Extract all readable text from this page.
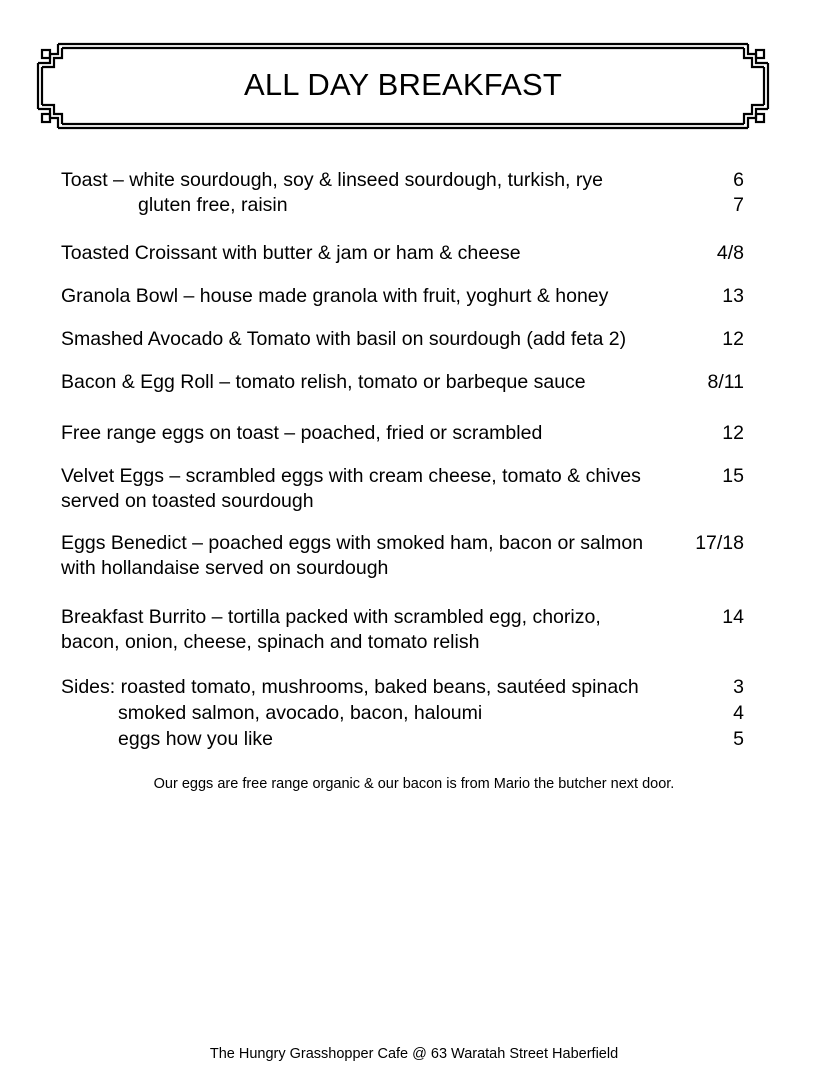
ALL DAY BREAKFAST
Toast – white sourdough, soy & linseed sourdough, turkish, rye	6
gluten free, raisin	7
Toasted Croissant with butter & jam or ham & cheese	4/8
Granola Bowl – house made granola with fruit, yoghurt & honey	13
Smashed Avocado & Tomato with basil on sourdough (add feta 2)	12
Bacon & Egg Roll – tomato relish, tomato or barbeque sauce	8/11
Free range eggs on toast – poached, fried or scrambled	12
Velvet Eggs – scrambled eggs with cream cheese, tomato & chives	15
served on toasted sourdough
Eggs Benedict – poached eggs with smoked ham, bacon or salmon	17/18
with hollandaise served on sourdough
Breakfast Burrito – tortilla packed with scrambled egg, chorizo,	14
bacon, onion, cheese, spinach and tomato relish
Sides: roasted tomato, mushrooms, baked beans, sautéed spinach	3
smoked salmon, avocado, bacon, haloumi	4
eggs how you like	5
Our eggs are free range organic & our bacon is from Mario the butcher next door.
The Hungry Grasshopper Cafe @ 63 Waratah Street Haberfield
